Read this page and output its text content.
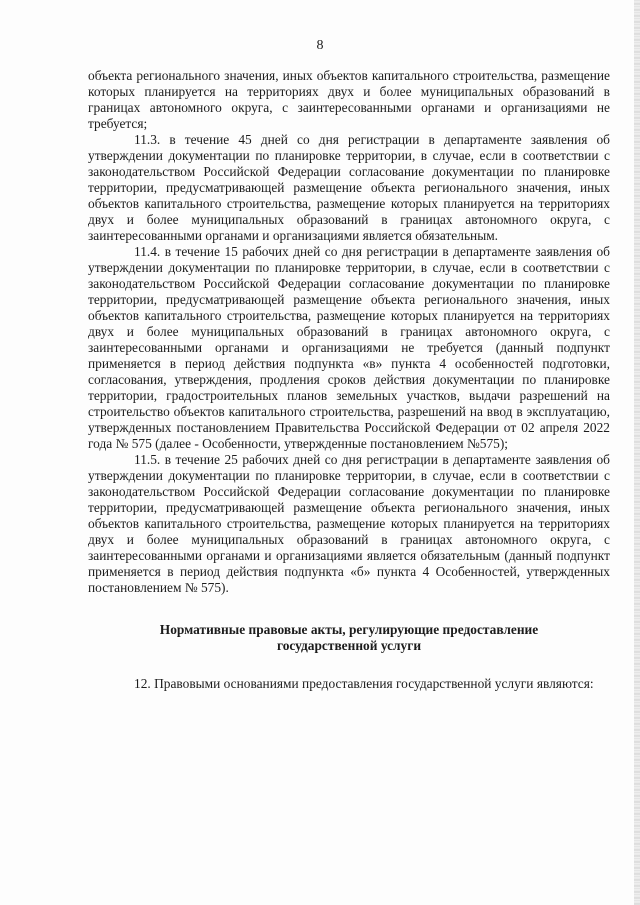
8

объекта регионального значения, иных объектов капитального строительства, размещение которых планируется на территориях двух и более муниципальных образований в границах автономного округа, с заинтересованными органами и организациями не требуется;

11.3. в течение 45 дней со дня регистрации в департаменте заявления об утверждении документации по планировке территории, в случае, если в соответствии с законодательством Российской Федерации согласование документации по планировке территории, предусматривающей размещение объекта регионального значения, иных объектов капитального строительства, размещение которых планируется на территориях двух и более муниципальных образований в границах автономного округа, с заинтересованными органами и организациями является обязательным.

11.4. в течение 15 рабочих дней со дня регистрации в департаменте заявления об утверждении документации по планировке территории, в случае, если в соответствии с законодательством Российской Федерации согласование документации по планировке территории, предусматривающей размещение объекта регионального значения, иных объектов капитального строительства, размещение которых планируется на территориях двух и более муниципальных образований в границах автономного округа, с заинтересованными органами и организациями не требуется (данный подпункт применяется в период действия подпункта «в» пункта 4 особенностей подготовки, согласования, утверждения, продления сроков действия документации по планировке территории, градостроительных планов земельных участков, выдачи разрешений на строительство объектов капитального строительства, разрешений на ввод в эксплуатацию, утвержденных постановлением Правительства Российской Федерации от 02 апреля 2022 года № 575 (далее - Особенности, утвержденные постановлением №575);

11.5. в течение 25 рабочих дней со дня регистрации в департаменте заявления об утверждении документации по планировке территории, в случае, если в соответствии с законодательством Российской Федерации согласование документации по планировке территории, предусматривающей размещение объекта регионального значения, иных объектов капитального строительства, размещение которых планируется на территориях двух и более муниципальных образований в границах автономного округа, с заинтересованными органами и организациями является обязательным (данный подпункт применяется в период действия подпункта «б» пункта 4 Особенностей, утвержденных постановлением № 575).

Нормативные правовые акты, регулирующие предоставление
государственной услуги

12. Правовыми основаниями предоставления государственной услуги являются:
